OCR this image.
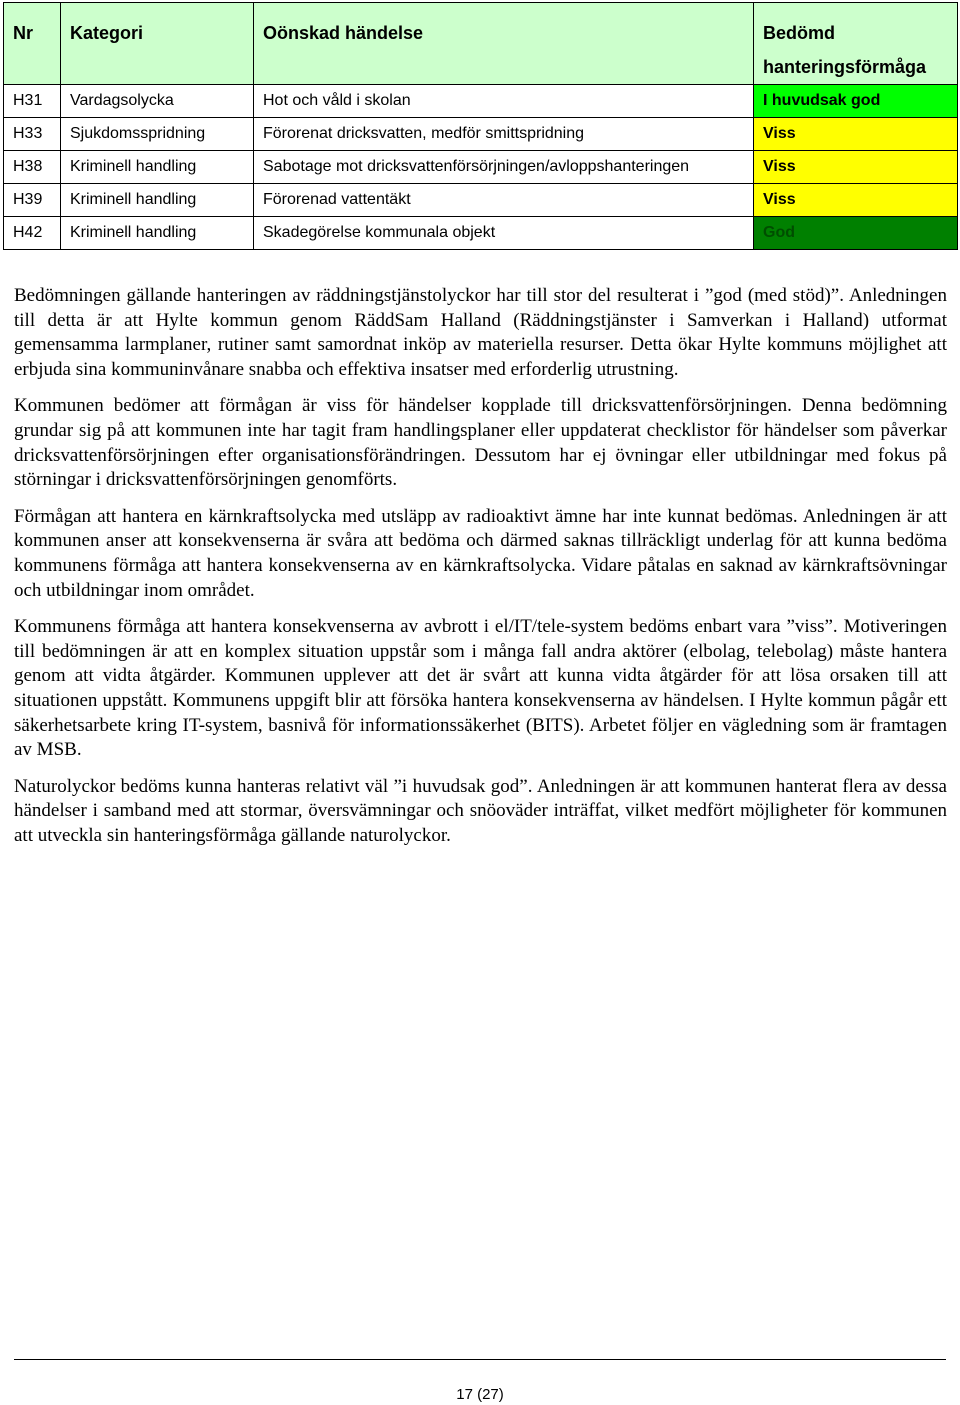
Nr	Kategori	Oönskad händelse	Bedömd
hanteringsförmåga
H31	Vardagsolycka	Hot och våld i skolan	I huvudsak god
H33	Sjukdomsspridning	Förorenat dricksvatten, medför smittspridning	Viss
H38	Kriminell handling	Sabotage mot dricksvattenförsörjningen/avloppshanteringen	Viss
H39	Kriminell handling	Förorenad vattentäkt	Viss
H42	Kriminell handling	Skadegörelse kommunala objekt	God

Bedömningen gällande hanteringen av räddningstjänstolyckor har till stor del resulterat i ”god (med stöd)”. Anledningen till detta är att Hylte kommun genom RäddSam Halland (Räddningstjänster i Samverkan i Halland) utformat gemensamma larmplaner, rutiner samt samordnat inköp av materiella resurser. Detta ökar Hylte kommuns möjlighet att erbjuda sina kommuninvånare snabba och effektiva insatser med erforderlig utrustning.

Kommunen bedömer att förmågan är viss för händelser kopplade till dricksvattenförsörjningen. Denna bedömning grundar sig på att kommunen inte har tagit fram handlingsplaner eller uppdaterat checklistor för händelser som påverkar dricksvattenförsörjningen efter organisationsförändringen. Dessutom har ej övningar eller utbildningar med fokus på störningar i dricksvattenförsörjningen genomförts.

Förmågan att hantera en kärnkraftsolycka med utsläpp av radioaktivt ämne har inte kunnat bedömas. Anledningen är att kommunen anser att konsekvenserna är svåra att bedöma och därmed saknas tillräckligt underlag för att kunna bedöma kommunens förmåga att hantera konsekvenserna av en kärnkraftsolycka. Vidare påtalas en saknad av kärnkraftsövningar och utbildningar inom området.

Kommunens förmåga att hantera konsekvenserna av avbrott i el/IT/tele-system bedöms enbart vara ”viss”. Motiveringen till bedömningen är att en komplex situation uppstår som i många fall andra aktörer (elbolag, telebolag) måste hantera genom att vidta åtgärder. Kommunen upplever att det är svårt att kunna vidta åtgärder för att lösa orsaken till att situationen uppstått. Kommunens uppgift blir att försöka hantera konsekvenserna av händelsen. I Hylte kommun pågår ett säkerhetsarbete kring IT-system, basnivå för informationssäkerhet (BITS). Arbetet följer en vägledning som är framtagen av MSB.

Naturolyckor bedöms kunna hanteras relativt väl ”i huvudsak god”. Anledningen är att kommunen hanterat flera av dessa händelser i samband med att stormar, översvämningar och snöoväder inträffat, vilket medfört möjligheter för kommunen att utveckla sin hanteringsförmåga gällande naturolyckor.

17 (27)
